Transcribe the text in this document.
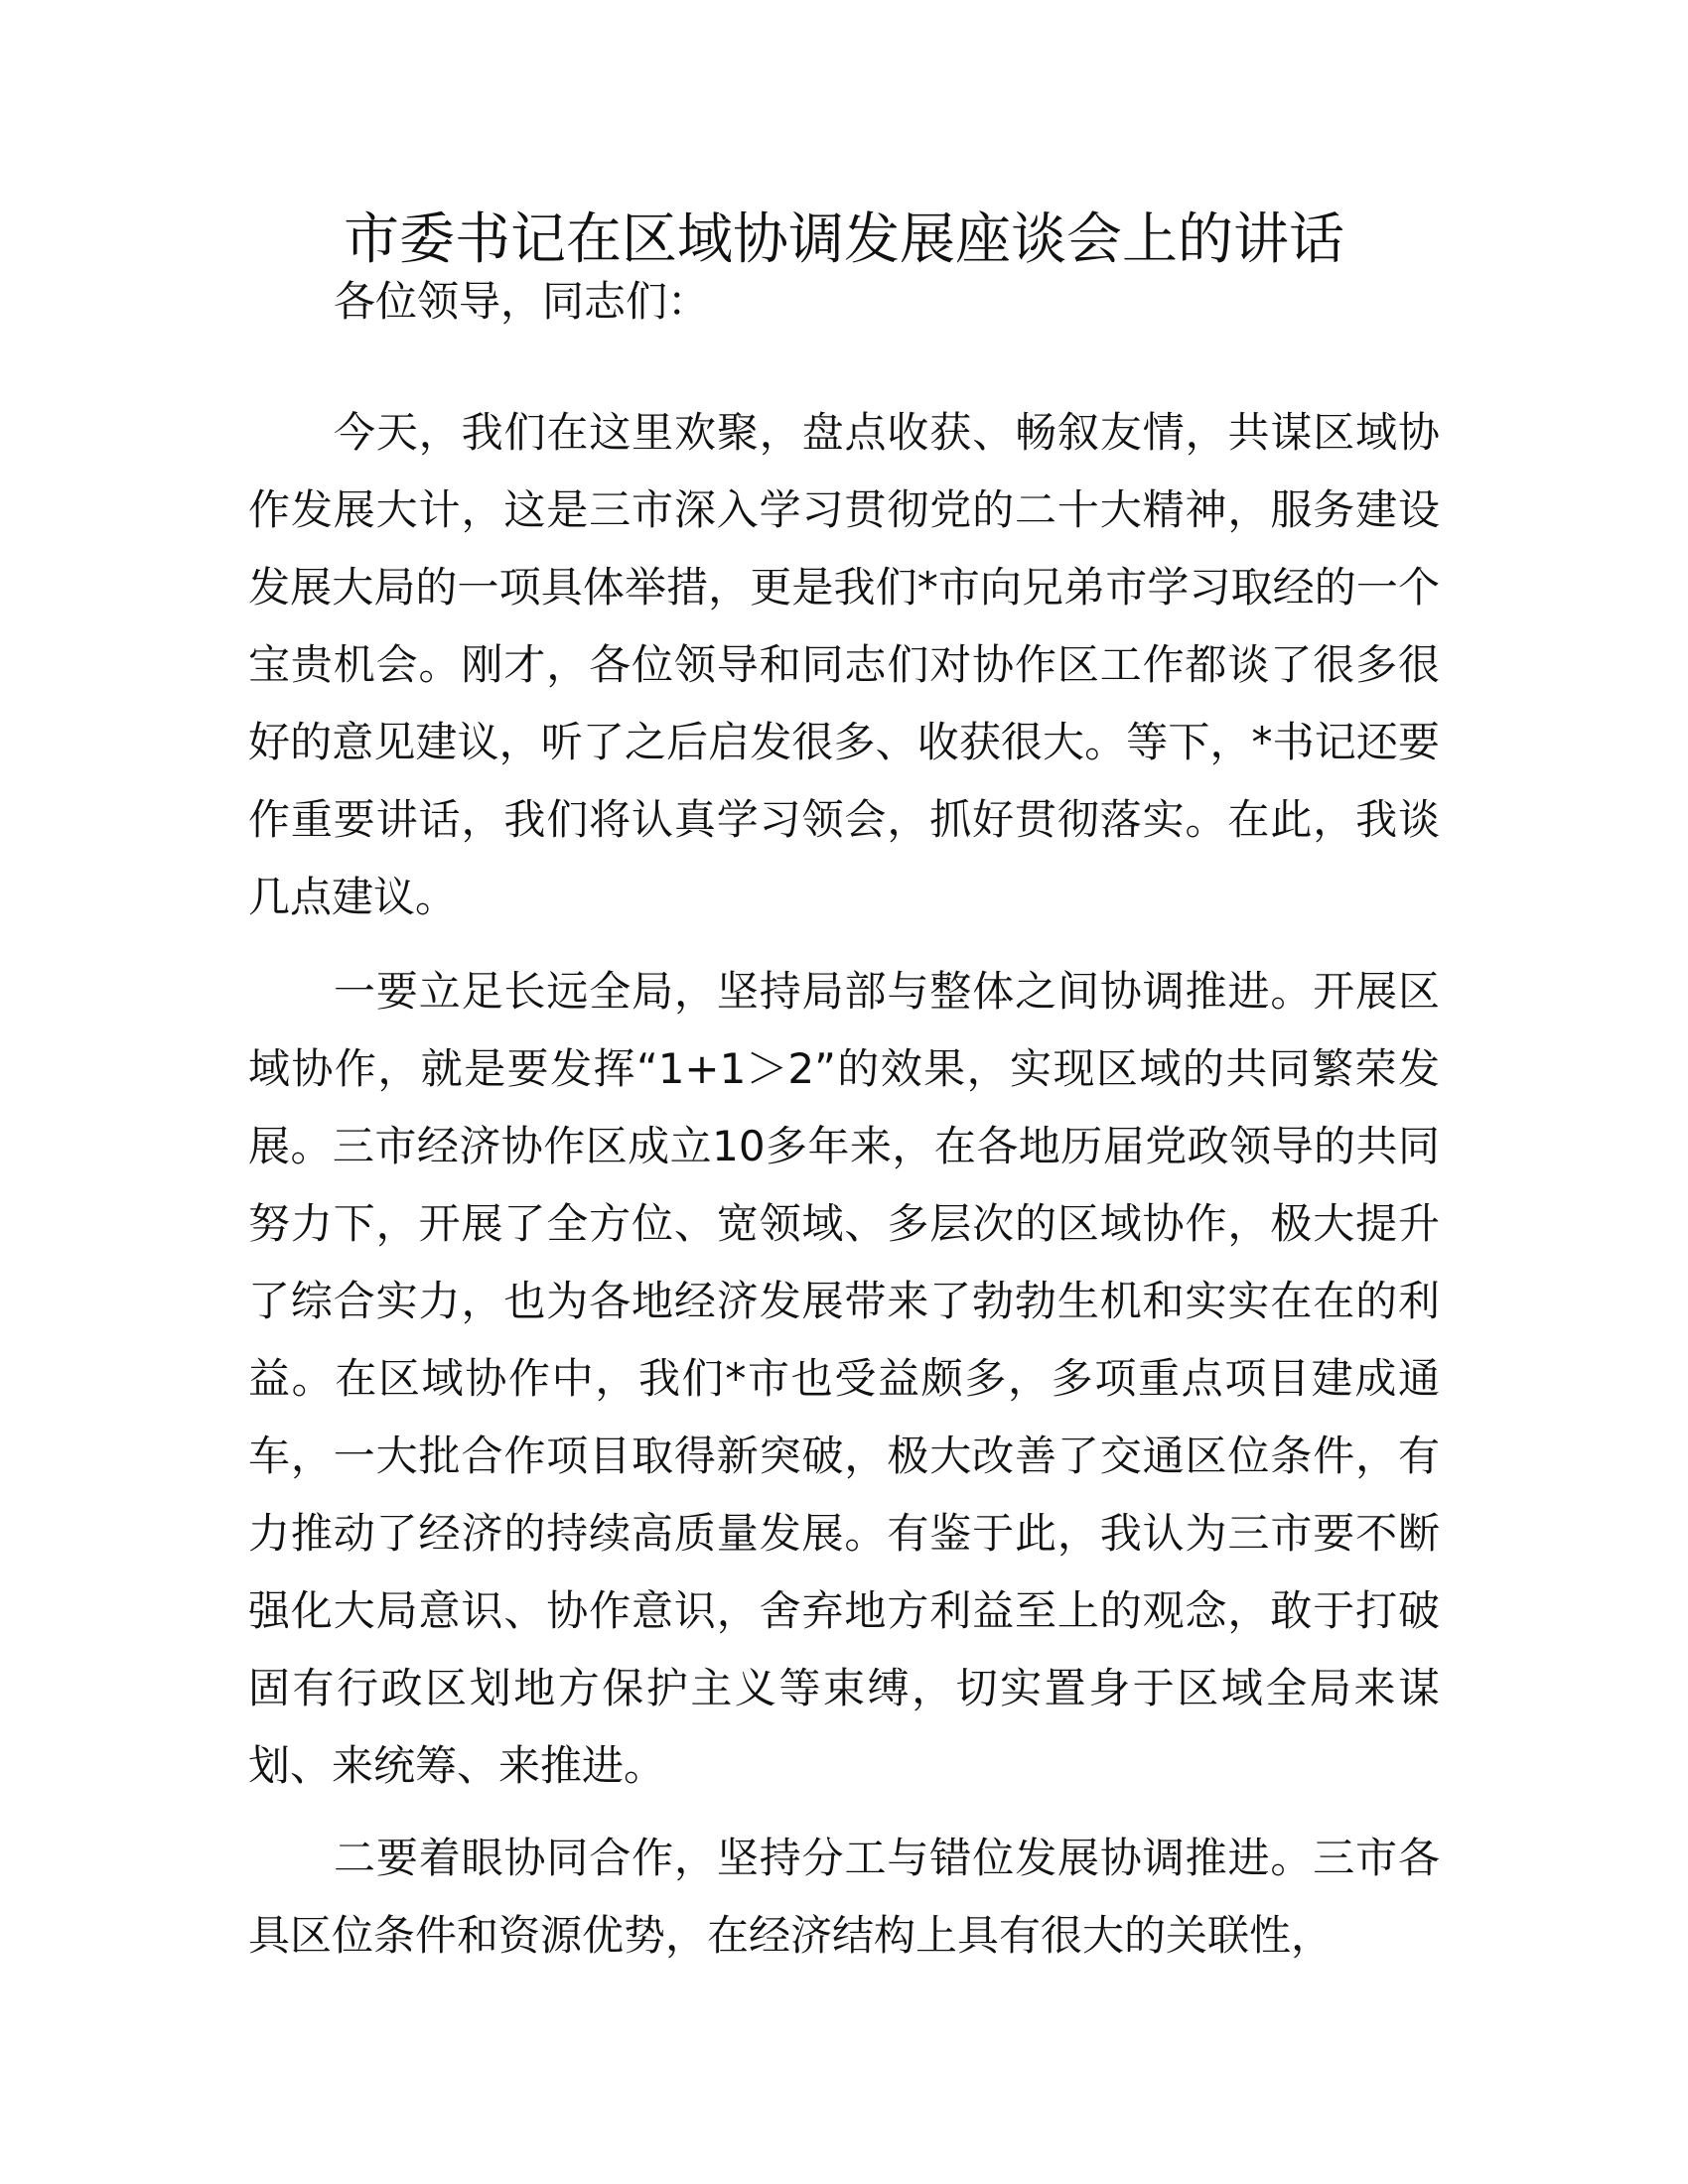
市委书记在区域协调发展座谈会上的讲话

各位领导，同志们：

今天，我们在这里欢聚，盘点收获、畅叙友情，共谋区域协作发展大计，这是三市深入学习贯彻党的二十大精神，服务建设发展大局的一项具体举措，更是我们*市向兄弟市学习取经的一个宝贵机会。刚才，各位领导和同志们对协作区工作都谈了很多很好的意见建议，听了之后启发很多、收获很大。等下，*书记还要作重要讲话，我们将认真学习领会，抓好贯彻落实。在此，我谈几点建议。

一要立足长远全局，坚持局部与整体之间协调推进。开展区域协作，就是要发挥“1+1＞2”的效果，实现区域的共同繁荣发展。三市经济协作区成立10多年来，在各地历届党政领导的共同努力下，开展了全方位、宽领域、多层次的区域协作，极大提升了综合实力，也为各地经济发展带来了勃勃生机和实实在在的利益。在区域协作中，我们*市也受益颇多，多项重点项目建成通车，一大批合作项目取得新突破，极大改善了交通区位条件，有力推动了经济的持续高质量发展。有鉴于此，我认为三市要不断强化大局意识、协作意识，舍弃地方利益至上的观念，敢于打破固有行政区划地方保护主义等束缚，切实置身于区域全局来谋划、来统筹、来推进。

二要着眼协同合作，坚持分工与错位发展协调推进。三市各具区位条件和资源优势，在经济结构上具有很大的关联性，
